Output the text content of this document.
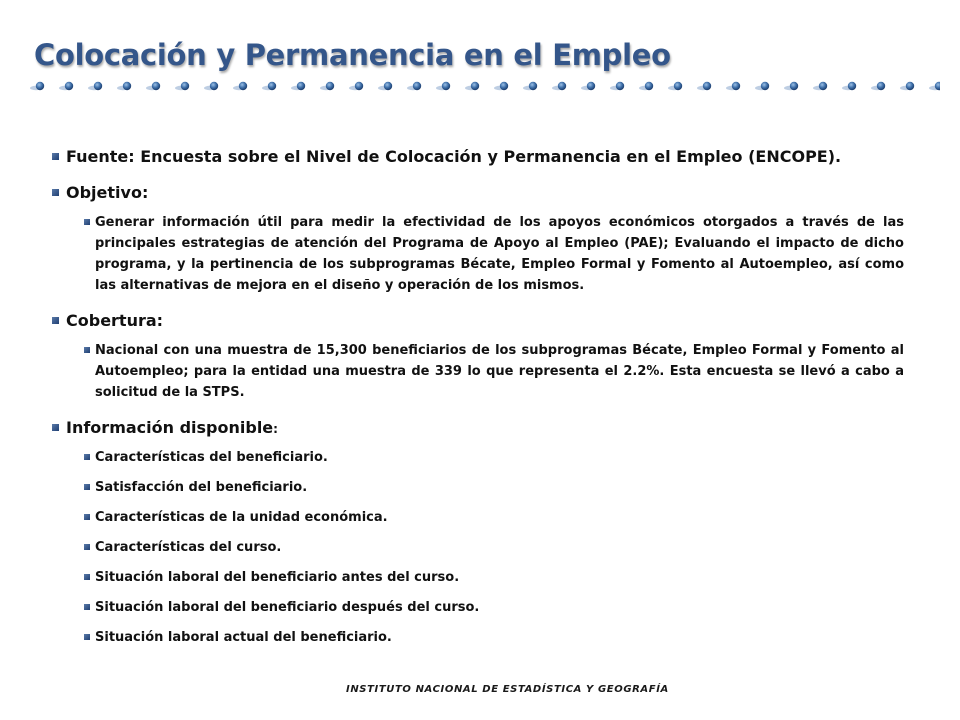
Colocación y Permanencia en el Empleo
Fuente: Encuesta sobre el Nivel de Colocación y Permanencia en el Empleo (ENCOPE).
Objetivo:
Generar información útil para medir la efectividad de los apoyos económicos otorgados a través de las principales estrategias de atención del Programa de Apoyo al Empleo (PAE); Evaluando el impacto de dicho programa, y la pertinencia de los subprogramas Bécate, Empleo Formal y Fomento al Autoempleo, así como las alternativas de mejora en el diseño y operación de los mismos.
Cobertura:
Nacional con una muestra de 15,300 beneficiarios de los subprogramas Bécate, Empleo Formal y Fomento al Autoempleo; para la entidad una muestra de 339 lo que representa el 2.2%. Esta encuesta se llevó a cabo a solicitud de la STPS.
Información disponible:
Características del beneficiario.
Satisfacción del beneficiario.
Características de la unidad económica.
Características del curso.
Situación laboral del beneficiario antes del curso.
Situación laboral del beneficiario después del curso.
Situación laboral actual del beneficiario.
INSTITUTO NACIONAL DE ESTADÍSTICA Y GEOGRAFÍA
